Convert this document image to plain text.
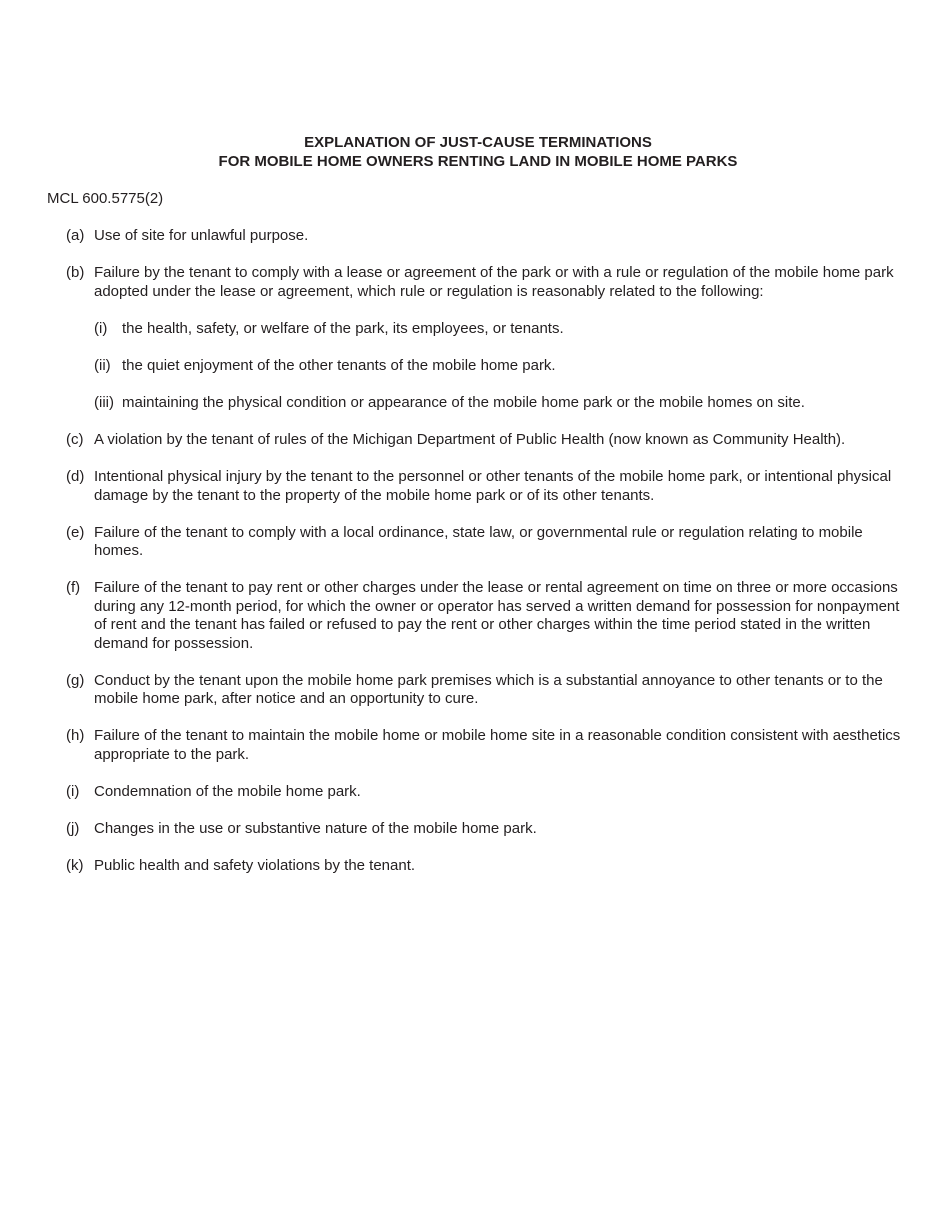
EXPLANATION OF JUST-CAUSE TERMINATIONS
FOR MOBILE HOME OWNERS RENTING LAND IN MOBILE HOME PARKS
MCL 600.5775(2)
(a) Use of site for unlawful purpose.
(b) Failure by the tenant to comply with a lease or agreement of the park or with a rule or regulation of the mobile home park adopted under the lease or agreement, which rule or regulation is reasonably related to the following:
(i) the health, safety, or welfare of the park, its employees, or tenants.
(ii) the quiet enjoyment of the other tenants of the mobile home park.
(iii) maintaining the physical condition or appearance of the mobile home park or the mobile homes on site.
(c) A violation by the tenant of rules of the Michigan Department of Public Health (now known as Community Health).
(d) Intentional physical injury by the tenant to the personnel or other tenants of the mobile home park, or intentional physical damage by the tenant to the property of the mobile home park or of its other tenants.
(e) Failure of the tenant to comply with a local ordinance, state law, or governmental rule or regulation relating to mobile homes.
(f) Failure of the tenant to pay rent or other charges under the lease or rental agreement on time on three or more occasions during any 12-month period, for which the owner or operator has served a written demand for possession for nonpayment of rent and the tenant has failed or refused to pay the rent or other charges within the time period stated in the written demand for possession.
(g) Conduct by the tenant upon the mobile home park premises which is a substantial annoyance to other tenants or to the mobile home park, after notice and an opportunity to cure.
(h) Failure of the tenant to maintain the mobile home or mobile home site in a reasonable condition consistent with aesthetics appropriate to the park.
(i) Condemnation of the mobile home park.
(j) Changes in the use or substantive nature of the mobile home park.
(k) Public health and safety violations by the tenant.
